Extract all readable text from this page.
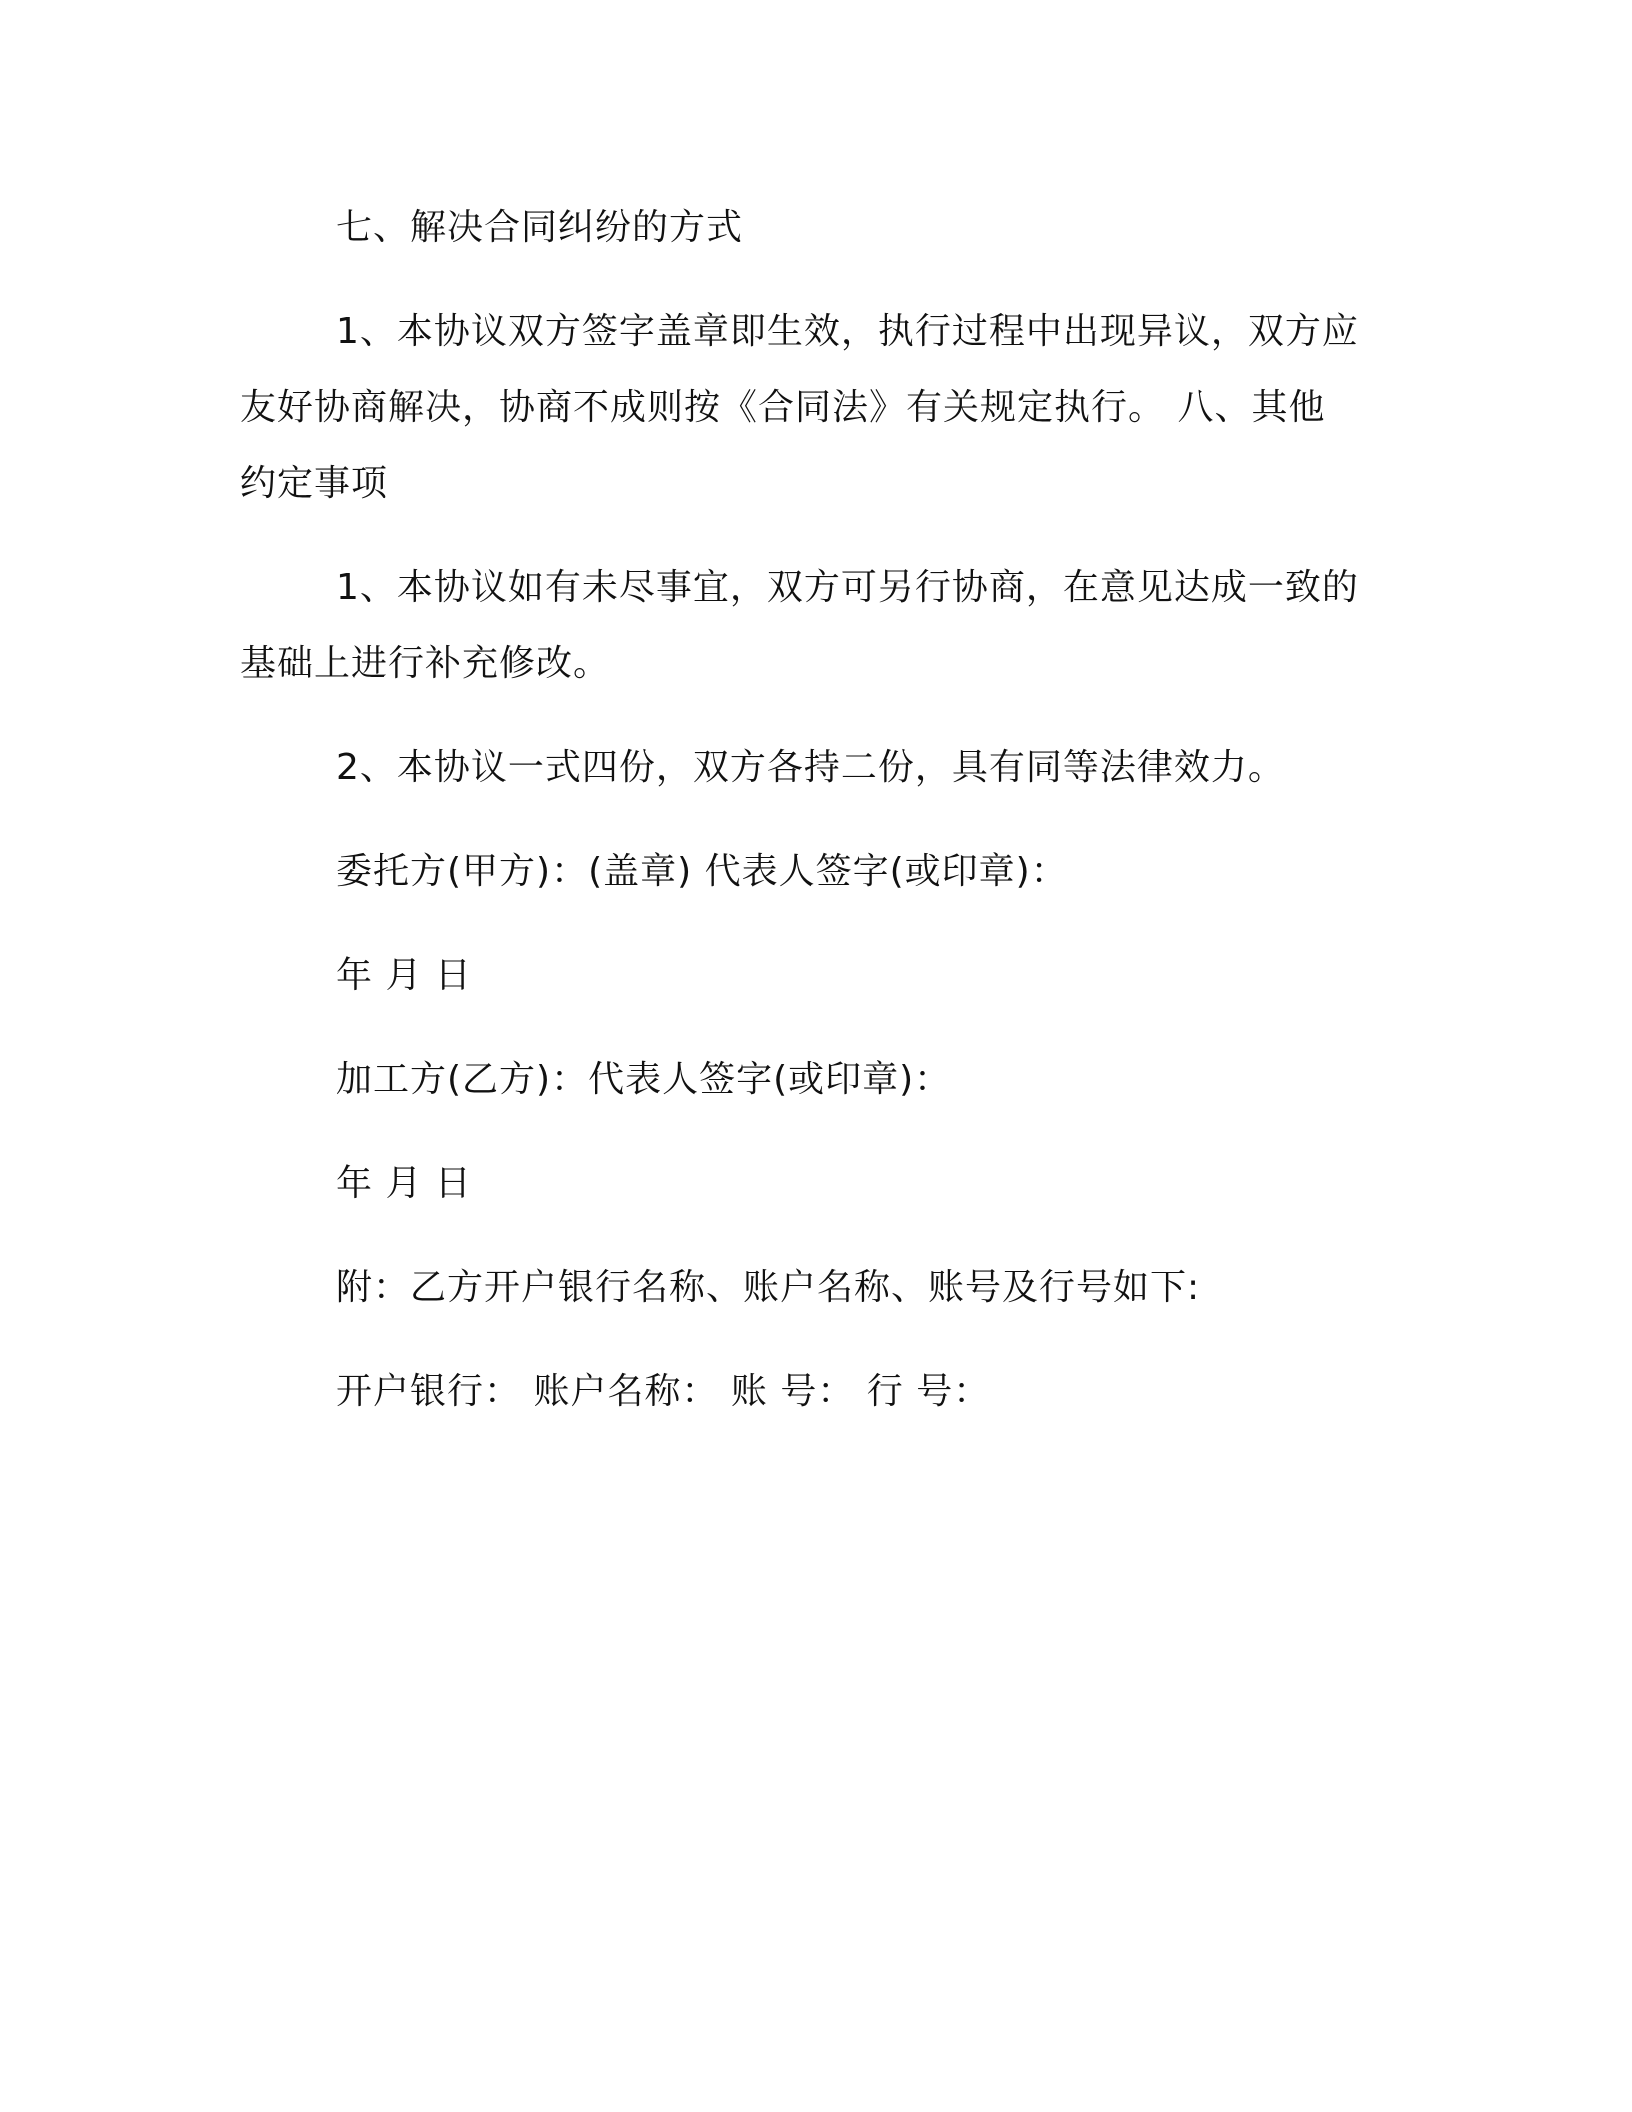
七、解决合同纠纷的方式

1、本协议双方签字盖章即生效，执行过程中出现异议，双方应友好协商解决，协商不成则按《合同法》有关规定执行。 八、其他约定事项

1、本协议如有未尽事宜，双方可另行协商，在意见达成一致的基础上进行补充修改。

2、本协议一式四份，双方各持二份，具有同等法律效力。

委托方(甲方)：(盖章) 代表人签字(或印章)：

年 月 日

加工方(乙方)：代表人签字(或印章)：

年 月 日

附：乙方开户银行名称、账户名称、账号及行号如下:

开户银行： 账户名称： 账 号： 行 号：
